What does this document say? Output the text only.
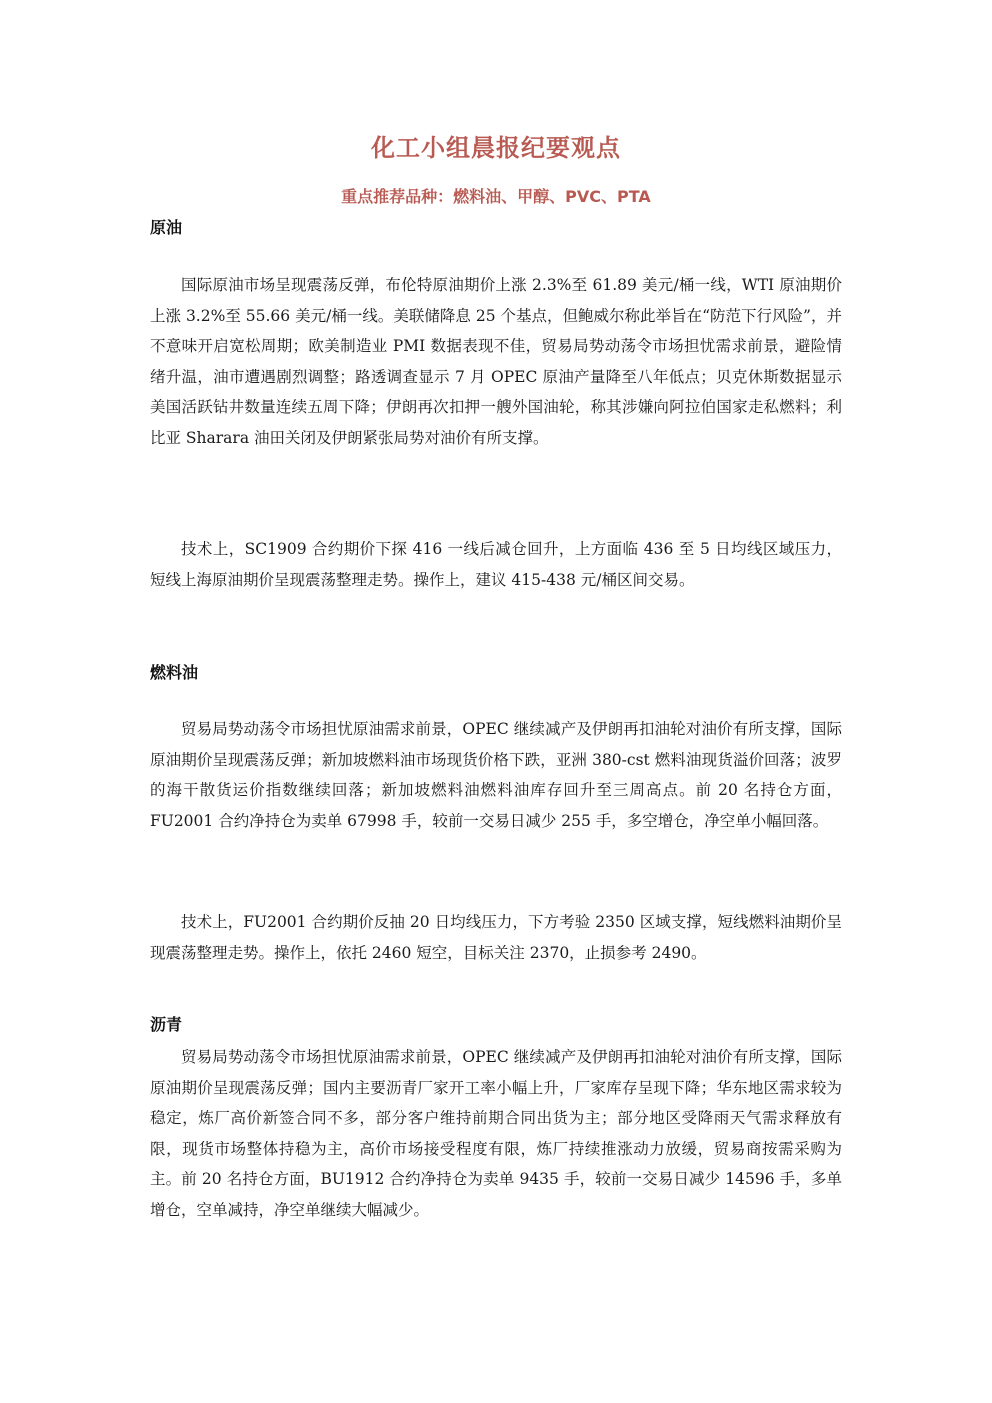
化工小组晨报纪要观点
重点推荐品种：燃料油、甲醇、PVC、PTA
原油

国际原油市场呈现震荡反弹，布伦特原油期价上涨 2.3%至 61.89 美元/桶一线，WTI 原油期价上涨 3.2%至 55.66 美元/桶一线。美联储降息 25 个基点，但鲍威尔称此举旨在“防范下行风险”，并不意味开启宽松周期；欧美制造业 PMI 数据表现不佳，贸易局势动荡令市场担忧需求前景，避险情绪升温，油市遭遇剧烈调整；路透调查显示 7 月 OPEC 原油产量降至八年低点；贝克休斯数据显示美国活跃钻井数量连续五周下降；伊朗再次扣押一艘外国油轮，称其涉嫌向阿拉伯国家走私燃料；利比亚 Sharara 油田关闭及伊朗紧张局势对油价有所支撑。

技术上，SC1909 合约期价下探 416 一线后减仓回升，上方面临 436 至 5 日均线区域压力，短线上海原油期价呈现震荡整理走势。操作上，建议 415-438 元/桶区间交易。

燃料油

贸易局势动荡令市场担忧原油需求前景，OPEC 继续减产及伊朗再扣油轮对油价有所支撑，国际原油期价呈现震荡反弹；新加坡燃料油市场现货价格下跌，亚洲 380-cst 燃料油现货溢价回落；波罗的海干散货运价指数继续回落；新加坡燃料油燃料油库存回升至三周高点。前 20 名持仓方面，FU2001 合约净持仓为卖单 67998 手，较前一交易日减少 255 手，多空增仓，净空单小幅回落。

技术上，FU2001 合约期价反抽 20 日均线压力，下方考验 2350 区域支撑，短线燃料油期价呈现震荡整理走势。操作上，依托 2460 短空，目标关注 2370，止损参考 2490。

沥青

贸易局势动荡令市场担忧原油需求前景，OPEC 继续减产及伊朗再扣油轮对油价有所支撑，国际原油期价呈现震荡反弹；国内主要沥青厂家开工率小幅上升，厂家库存呈现下降；华东地区需求较为稳定，炼厂高价新签合同不多，部分客户维持前期合同出货为主；部分地区受降雨天气需求释放有限，现货市场整体持稳为主，高价市场接受程度有限，炼厂持续推涨动力放缓，贸易商按需采购为主。前 20 名持仓方面，BU1912 合约净持仓为卖单 9435 手，较前一交易日减少 14596 手，多单增仓，空单减持，净空单继续大幅减少。
